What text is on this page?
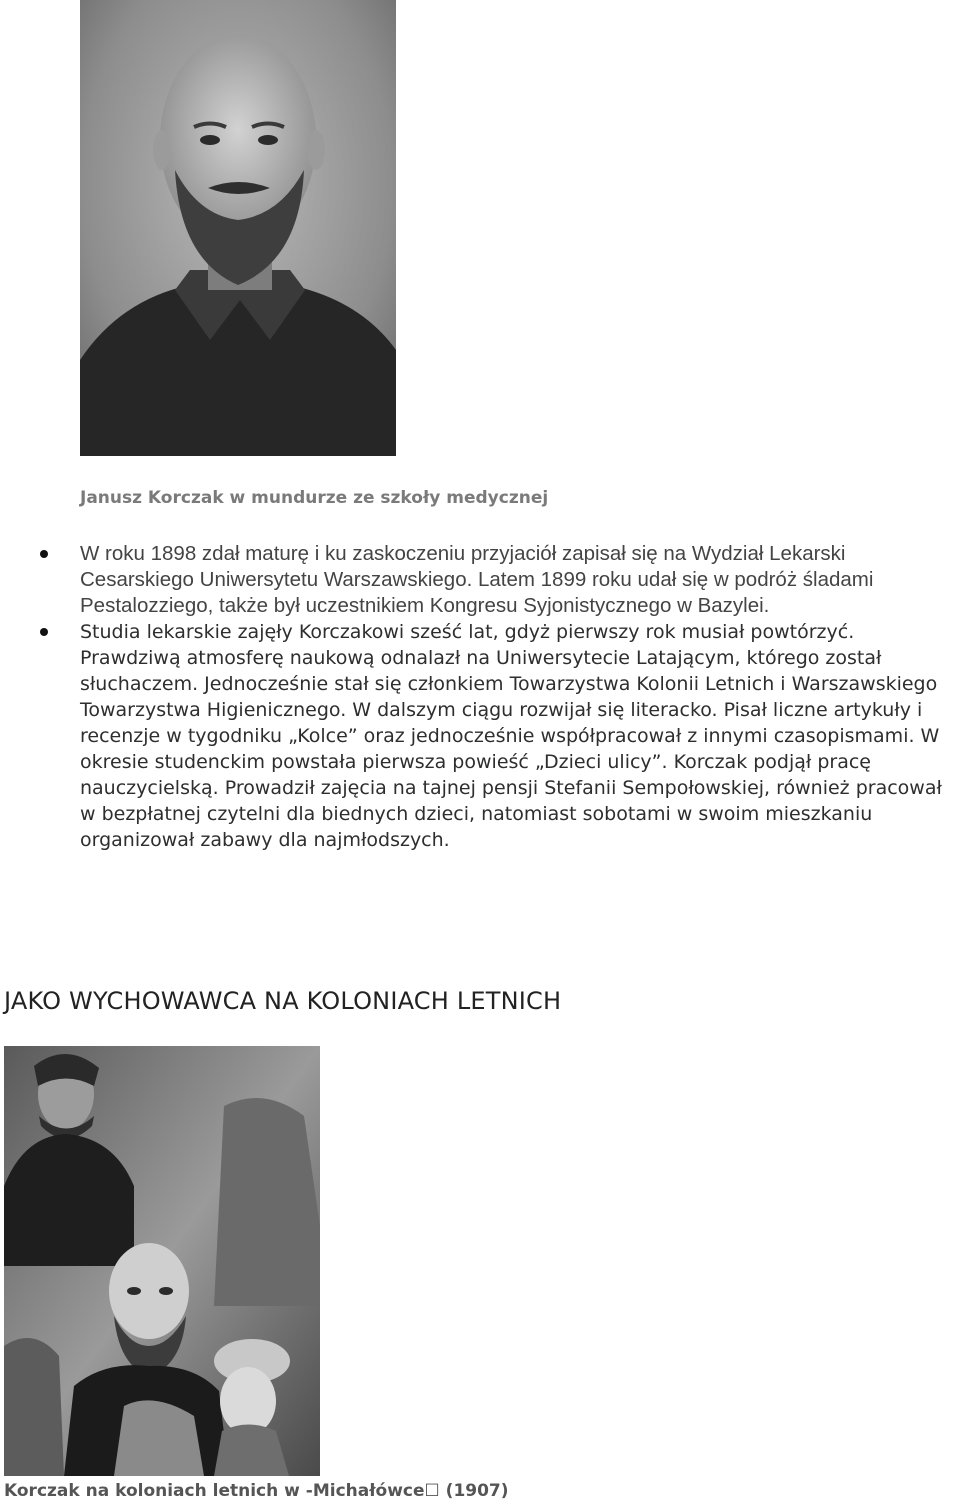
Janusz Korczak w mundurze ze szkoły medycznej
W roku 1898 zdał maturę i ku zaskoczeniu przyjaciół zapisał się na Wydział Lekarski Cesarskiego Uniwersytetu Warszawskiego. Latem 1899 roku udał się w podróż śladami Pestalozziego, także był uczestnikiem Kongresu Syjonistycznego w Bazylei.
Studia lekarskie zajęły Korczakowi sześć lat, gdyż pierwszy rok musiał powtórzyć. Prawdziwą atmosferę naukową odnalazł na Uniwersytecie Latającym, którego został słuchaczem. Jednocześnie stał się członkiem Towarzystwa Kolonii Letnich i Warszawskiego Towarzystwa Higienicznego. W dalszym ciągu rozwijał się literacko. Pisał liczne artykuły i recenzje w tygodniku „Kolce” oraz jednocześnie współpracował z innymi czasopismami. W okresie studenckim powstała pierwsza powieść „Dzieci ulicy”. Korczak podjął pracę nauczycielską. Prowadził zajęcia na tajnej pensji Stefanii Sempołowskiej, również pracował w bezpłatnej czytelni dla biednych dzieci, natomiast sobotami w swoim mieszkaniu organizował zabawy dla najmłodszych.
JAKO WYCHOWAWCA NA KOLONIACH LETNICH
Korczak na koloniach letnich w -Michałówce☐ (1907)
